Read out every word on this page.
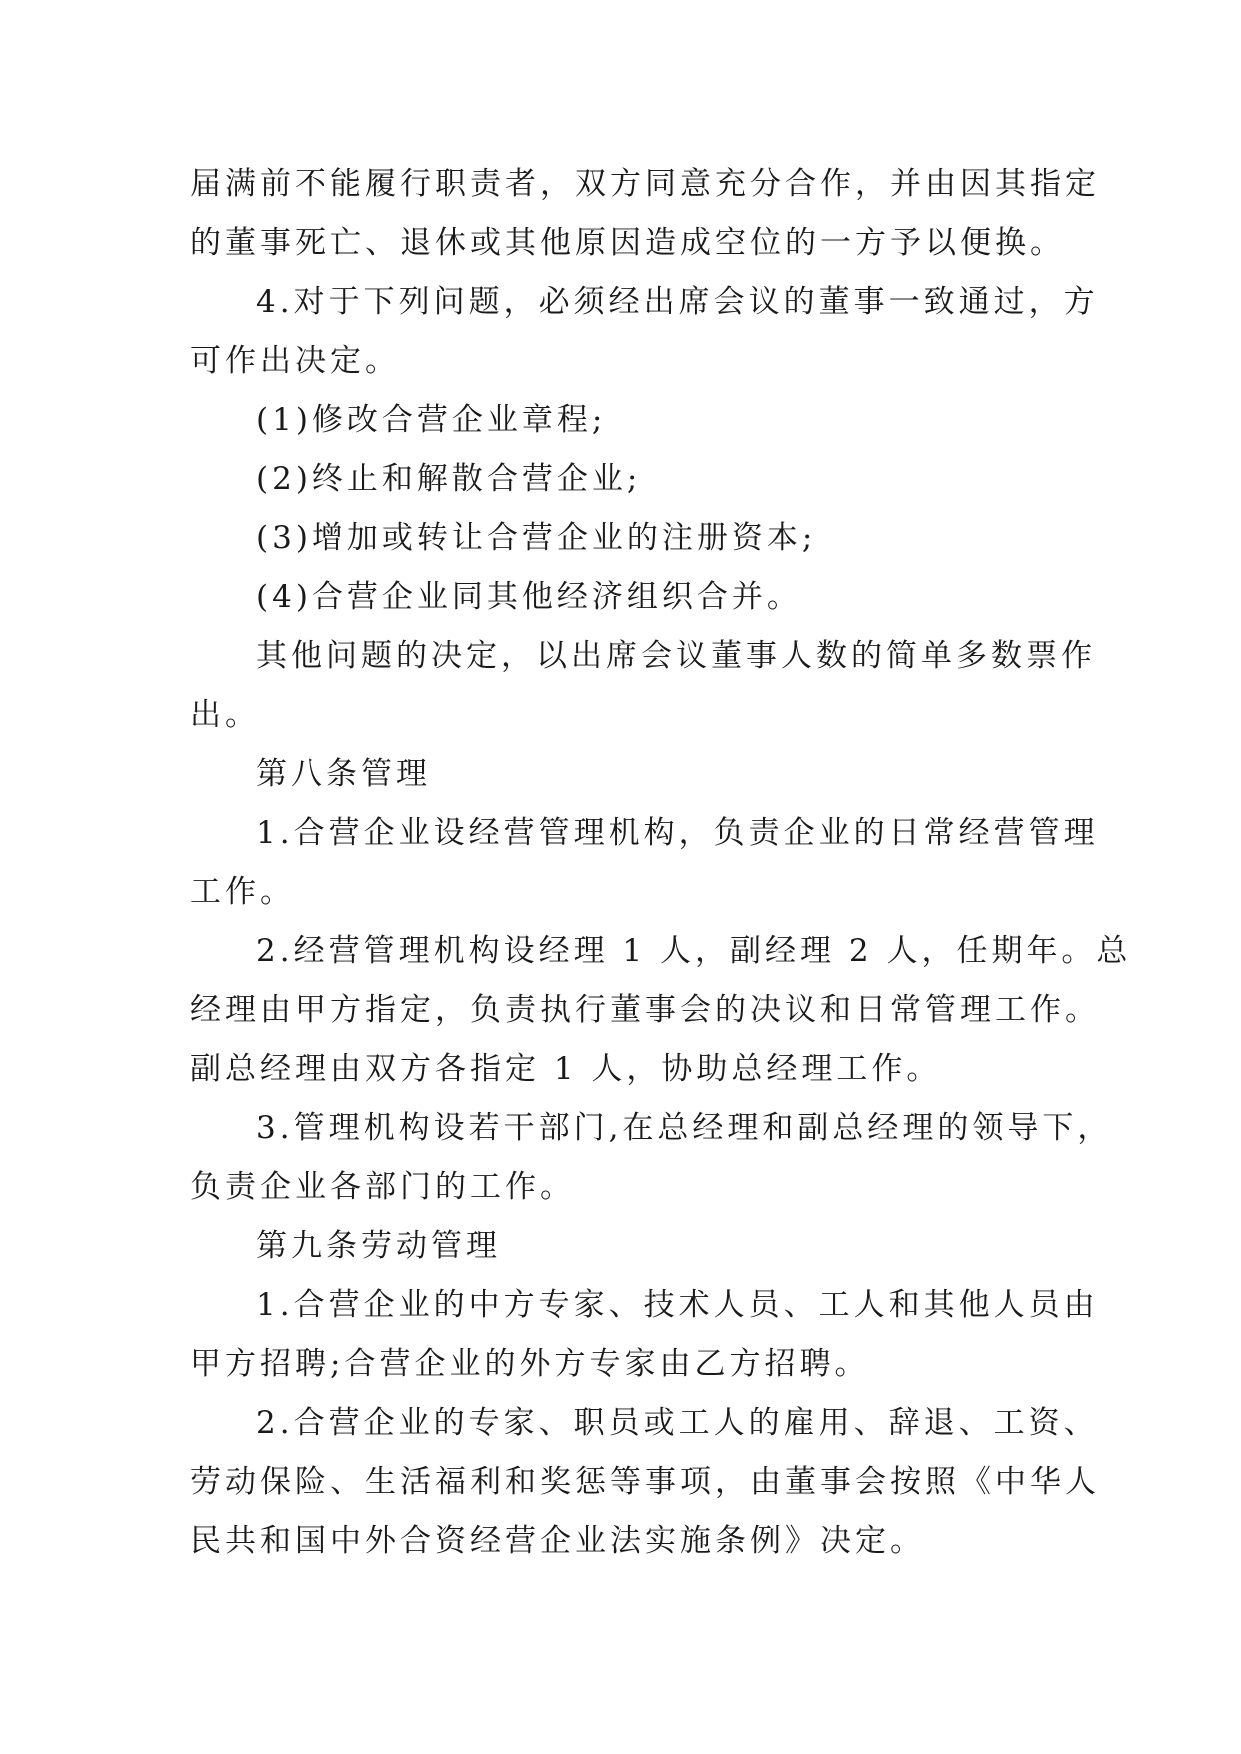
届满前不能履行职责者，双方同意充分合作，并由因其指定
的董事死亡、退休或其他原因造成空位的一方予以便换。
4.对于下列问题，必须经出席会议的董事一致通过，方
可作出决定。
(1)修改合营企业章程;
(2)终止和解散合营企业;
(3)增加或转让合营企业的注册资本;
(4)合营企业同其他经济组织合并。
其他问题的决定，以出席会议董事人数的简单多数票作
出。
第八条管理
1.合营企业设经营管理机构，负责企业的日常经营管理
工作。
2.经营管理机构设经理 1 人，副经理 2 人，任期年。总
经理由甲方指定，负责执行董事会的决议和日常管理工作。
副总经理由双方各指定 1 人，协助总经理工作。
3.管理机构设若干部门,在总经理和副总经理的领导下，
负责企业各部门的工作。
第九条劳动管理
1.合营企业的中方专家、技术人员、工人和其他人员由
甲方招聘;合营企业的外方专家由乙方招聘。
2.合营企业的专家、职员或工人的雇用、辞退、工资、
劳动保险、生活福利和奖惩等事项，由董事会按照《中华人
民共和国中外合资经营企业法实施条例》决定。
